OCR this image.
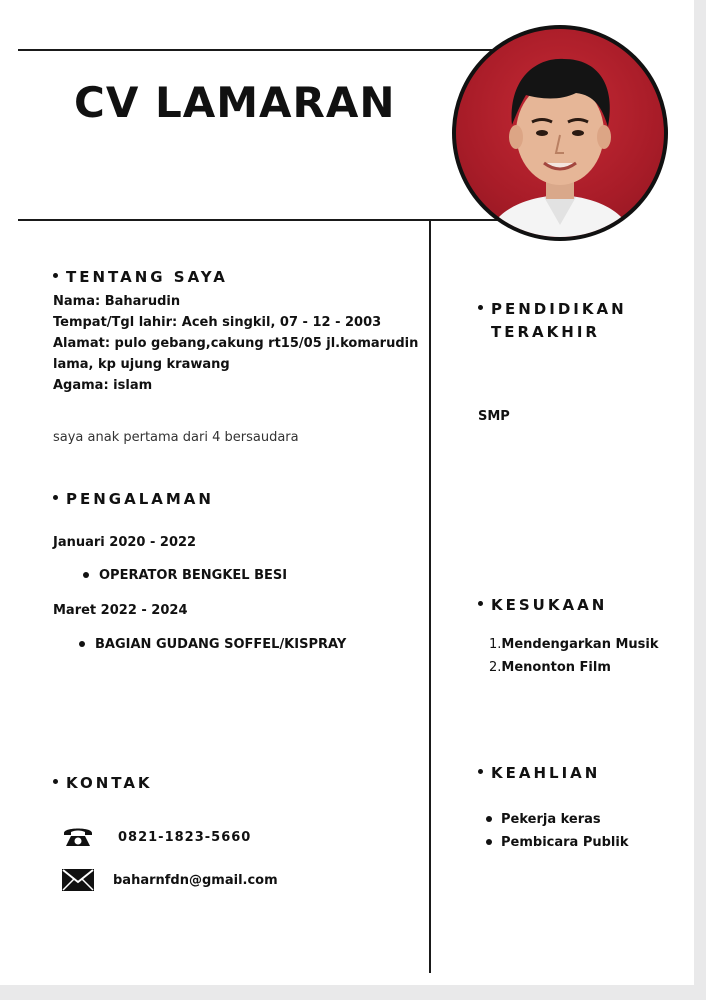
CV LAMARAN
TENTANG SAYA
Nama: Baharudin
Tempat/Tgl lahir: Aceh singkil, 07 - 12 - 2003
Alamat: pulo gebang,cakung rt15/05 jl.komarudin
lama, kp ujung krawang
Agama: islam
saya anak pertama dari 4 bersaudara
PENGALAMAN
Januari 2020 - 2022
OPERATOR BENGKEL BESI
Maret 2022 - 2024
BAGIAN GUDANG SOFFEL/KISPRAY
KONTAK
0821-1823-5660
baharnfdn@gmail.com
PENDIDIKAN
TERAKHIR
SMP
KESUKAAN
1.Mendengarkan Musik
2.Menonton Film
KEAHLIAN
Pekerja keras
Pembicara Publik
